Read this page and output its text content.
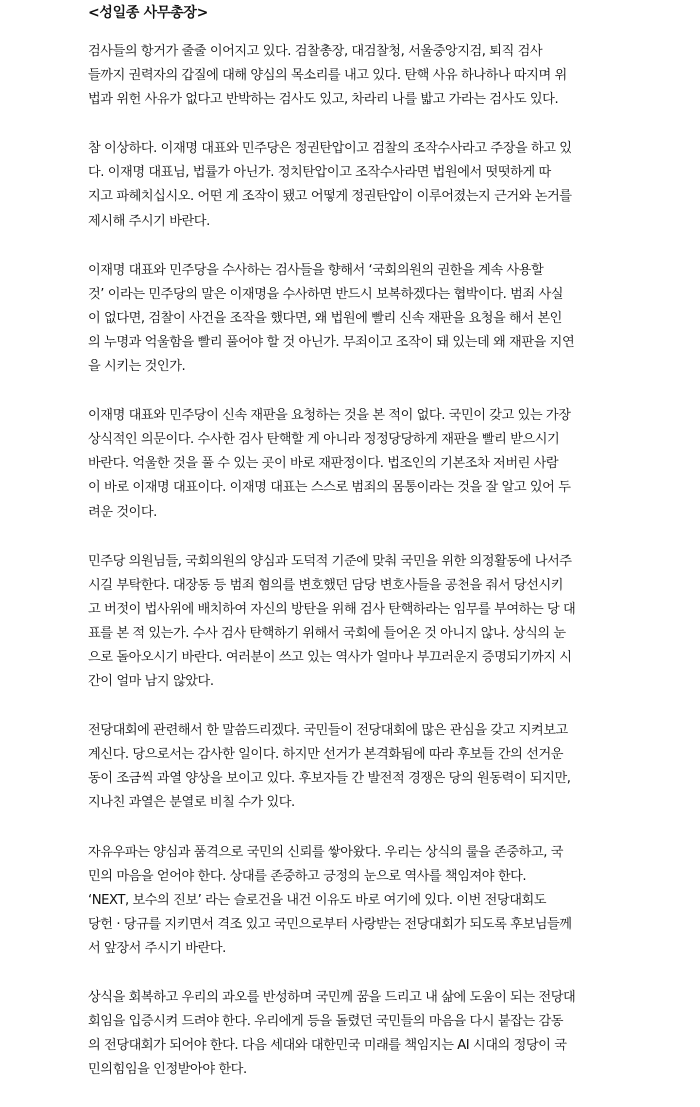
<성일종 사무총장>
검사들의 항거가 줄줄 이어지고 있다. 검찰총장, 대검찰청, 서울중앙지검, 퇴직 검사
들까지 권력자의 갑질에 대해 양심의 목소리를 내고 있다. 탄핵 사유 하나하나 따지며 위
법과 위헌 사유가 없다고 반박하는 검사도 있고, 차라리 나를 밟고 가라는 검사도 있다.
참 이상하다. 이재명 대표와 민주당은 정권탄압이고 검찰의 조작수사라고 주장을 하고 있
다. 이재명 대표님, 법률가 아닌가. 정치탄압이고 조작수사라면 법원에서 떳떳하게 따
지고 파헤치십시오. 어떤 게 조작이 됐고 어떻게 정권탄압이 이루어졌는지 근거와 논거를
제시해 주시기 바란다.
이재명 대표와 민주당을 수사하는 검사들을 향해서 ‘국회의원의 권한을 계속 사용할
것’ 이라는 민주당의 말은 이재명을 수사하면 반드시 보복하겠다는 협박이다. 범죄 사실
이 없다면, 검찰이 사건을 조작을 했다면, 왜 법원에 빨리 신속 재판을 요청을 해서 본인
의 누명과 억울함을 빨리 풀어야 할 것 아닌가. 무죄이고 조작이 돼 있는데 왜 재판을 지연
을 시키는 것인가.
이재명 대표와 민주당이 신속 재판을 요청하는 것을 본 적이 없다. 국민이 갖고 있는 가장
상식적인 의문이다. 수사한 검사 탄핵할 게 아니라 정정당당하게 재판을 빨리 받으시기
바란다. 억울한 것을 풀 수 있는 곳이 바로 재판정이다. 법조인의 기본조차 저버린 사람
이 바로 이재명 대표이다. 이재명 대표는 스스로 범죄의 몸통이라는 것을 잘 알고 있어 두
려운 것이다.
민주당 의원님들, 국회의원의 양심과 도덕적 기준에 맞춰 국민을 위한 의정활동에 나서주
시길 부탁한다. 대장동 등 범죄 혐의를 변호했던 담당 변호사들을 공천을 줘서 당선시키
고 버젓이 법사위에 배치하여 자신의 방탄을 위해 검사 탄핵하라는 임무를 부여하는 당 대
표를 본 적 있는가. 수사 검사 탄핵하기 위해서 국회에 들어온 것 아니지 않나. 상식의 눈
으로 돌아오시기 바란다. 여러분이 쓰고 있는 역사가 얼마나 부끄러운지 증명되기까지 시
간이 얼마 남지 않았다.
전당대회에 관련해서 한 말씀드리겠다. 국민들이 전당대회에 많은 관심을 갖고 지켜보고
계신다. 당으로서는 감사한 일이다. 하지만 선거가 본격화됨에 따라 후보들 간의 선거운
동이 조금씩 과열 양상을 보이고 있다. 후보자들 간 발전적 경쟁은 당의 원동력이 되지만,
지나친 과열은 분열로 비칠 수가 있다.
자유우파는 양심과 품격으로 국민의 신뢰를 쌓아왔다. 우리는 상식의 룰을 존중하고, 국
민의 마음을 얻어야 한다. 상대를 존중하고 긍정의 눈으로 역사를 책임져야 한다.
‘NEXT, 보수의 진보’ 라는 슬로건을 내건 이유도 바로 여기에 있다. 이번 전당대회도
당헌 · 당규를 지키면서 격조 있고 국민으로부터 사랑받는 전당대회가 되도록 후보님들께
서 앞장서 주시기 바란다.
상식을 회복하고 우리의 과오를 반성하며 국민께 꿈을 드리고 내 삶에 도움이 되는 전당대
회임을 입증시켜 드려야 한다. 우리에게 등을 돌렸던 국민들의 마음을 다시 붙잡는 감동
의 전당대회가 되어야 한다. 다음 세대와 대한민국 미래를 책임지는 AI 시대의 정당이 국
민의힘임을 인정받아야 한다.
